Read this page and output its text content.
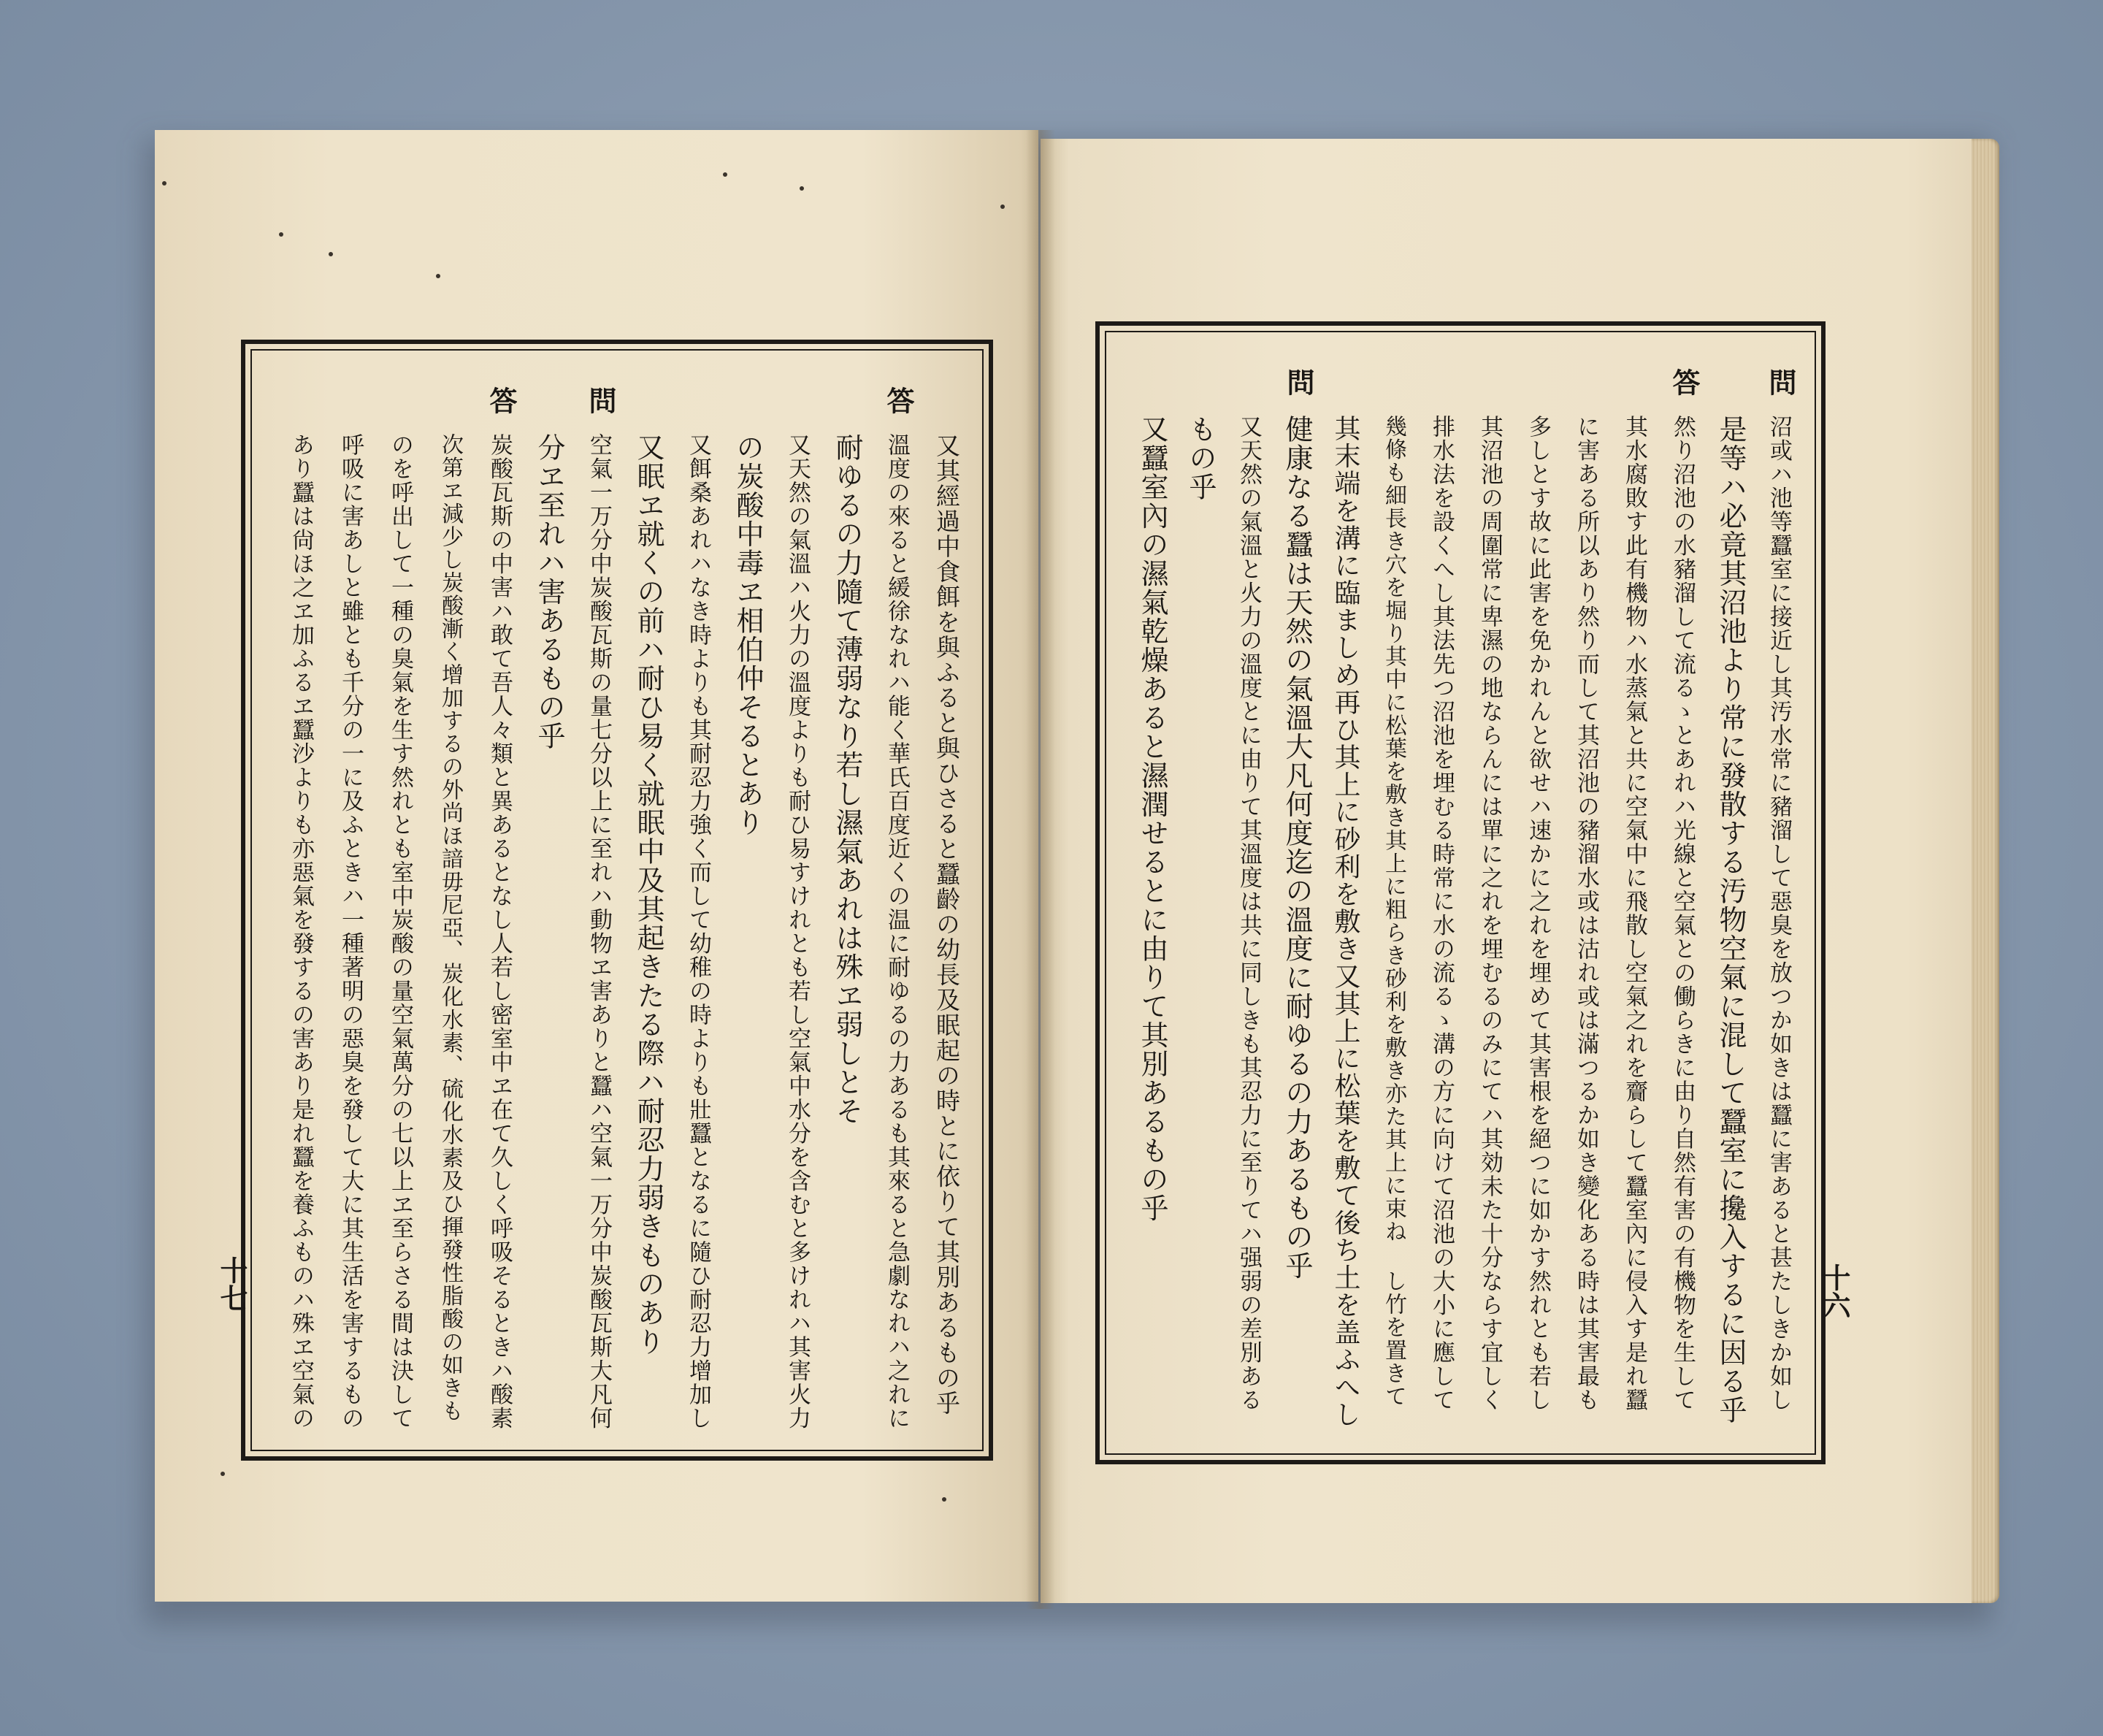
又其經過中食餌を與ふると與ひさると蠶齡の幼長及眠起の時とに依りて其別あるもの乎
答
溫度の來ると緩徐なれハ能く華氏百度近くの温に耐ゆるの力あるも其來ると急劇なれハ之れに
耐ゆるの力隨て薄弱なり若し濕氣あれは殊ヱ弱しとそ
又天然の氣溫ハ火力の溫度よりも耐ひ易すけれとも若し空氣中水分を含むと多けれハ其害火力
の炭酸中毒ヱ相伯仲そるとあり
又餌桑あれハなき時よりも其耐忍力強く而して幼稚の時よりも壯蠶となるに隨ひ耐忍力增加し
又眠ヱ就くの前ハ耐ひ易く就眠中及其起きたる際ハ耐忍力弱きものあり
問
空氣一万分中炭酸瓦斯の量七分以上に至れハ動物ヱ害ありと蠶ハ空氣一万分中炭酸瓦斯大凡何
分ヱ至れハ害あるもの乎
答
炭酸瓦斯の中害ハ敢て吾人々類と異あるとなし人若し密室中ヱ在て久しく呼吸そるときハ酸素
次第ヱ減少し炭酸漸く增加するの外尚ほ諳毋尼亞、炭化水素、硫化水素及ひ揮發性脂酸の如きも
のを呼出して一種の臭氣を生す然れとも室中炭酸の量空氣萬分の七以上ヱ至らさる間は決して
呼吸に害あしと雖とも千分の一に及ふときハ一種著明の惡臭を發して大に其生活を害するもの
あり蠶は尙ほ之ヱ加ふるヱ蠶沙よりも亦惡氣を發するの害あり是れ蠶を養ふものハ殊ヱ空氣の
問
沼或ハ池等蠶室に接近し其汚水常に豬溜して惡臭を放つか如きは蠶に害あると甚たしきか如し
是等ハ必竟其沼池より常に發散する汚物空氣に混して蠶室に攙入するに因る乎
答
然り沼池の水豬溜して流るゝとあれハ光線と空氣との働らきに由り自然有害の有機物を生して
其水腐敗す此有機物ハ水蒸氣と共に空氣中に飛散し空氣之れを齎らして蠶室內に侵入す是れ蠶
に害ある所以あり然り而して其沼池の豬溜水或は沽れ或は滿つるか如き變化ある時は其害最も
多しとす故に此害を免かれんと欲せハ速かに之れを埋めて其害根を絕つに如かす然れとも若し
其沼池の周圍常に卑濕の地ならんには單に之れを埋むるのみにてハ其効未た十分ならす宜しく
排水法を設くへし其法先つ沼池を埋むる時常に水の流るゝ溝の方に向けて沼池の大小に應して
幾條も細長き穴を堀り其中に松葉を敷き其上に粗らき砂利を敷き亦た其上に束ね し竹を置きて
其末端を溝に臨ましめ再ひ其上に砂利を敷き又其上に松葉を敷て後ち土を盖ふへし
問
健康なる蠶は天然の氣溫大凡何度迄の溫度に耐ゆるの力あるもの乎
又天然の氣溫と火力の溫度とに由りて其溫度は共に同しきも其忍力に至りてハ强弱の差別ある
もの乎
又蠶室內の濕氣乾燥あると濕潤せるとに由りて其別あるもの乎
十七	十六
